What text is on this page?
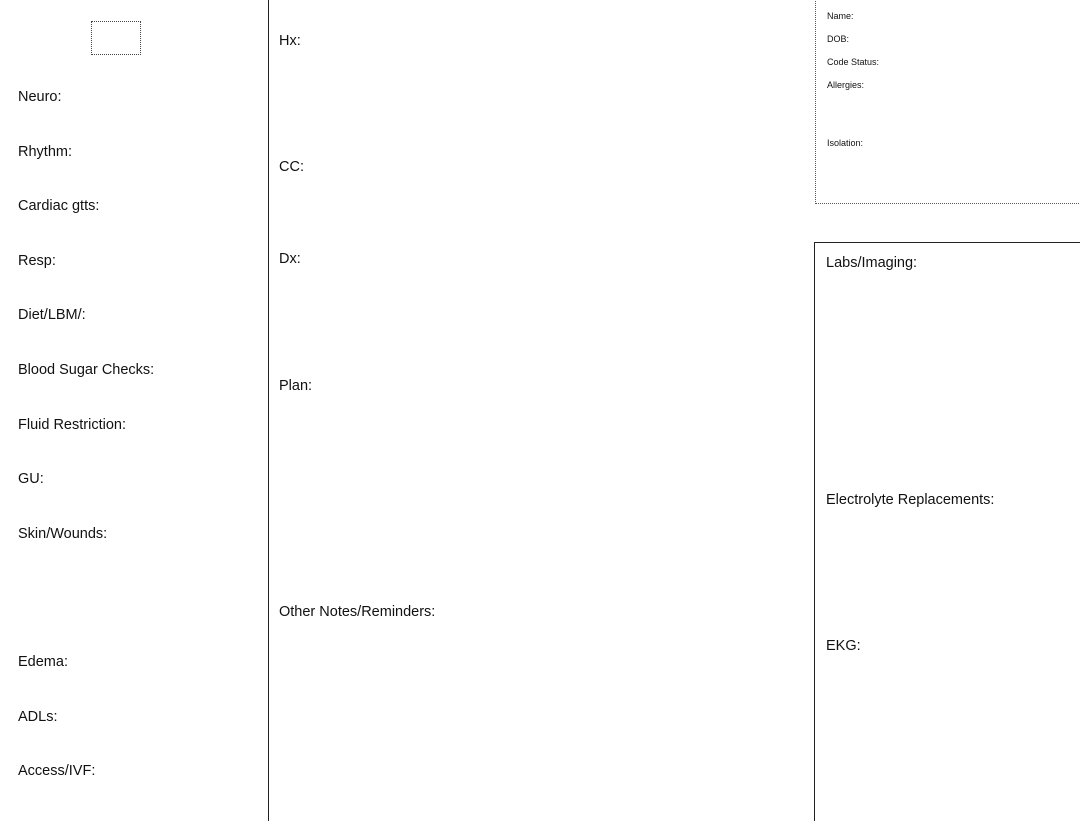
Neuro:
Rhythm:
Cardiac gtts:
Resp:
Diet/LBM/:
Blood Sugar Checks:
Fluid Restriction:
GU:
Skin/Wounds:
Edema:
ADLs:
Access/IVF:
Hx:
CC:
Dx:
Plan:
Other Notes/Reminders:
Name:
DOB:
Code Status:
Allergies:
Isolation:
Labs/Imaging:
Electrolyte Replacements:
EKG:
